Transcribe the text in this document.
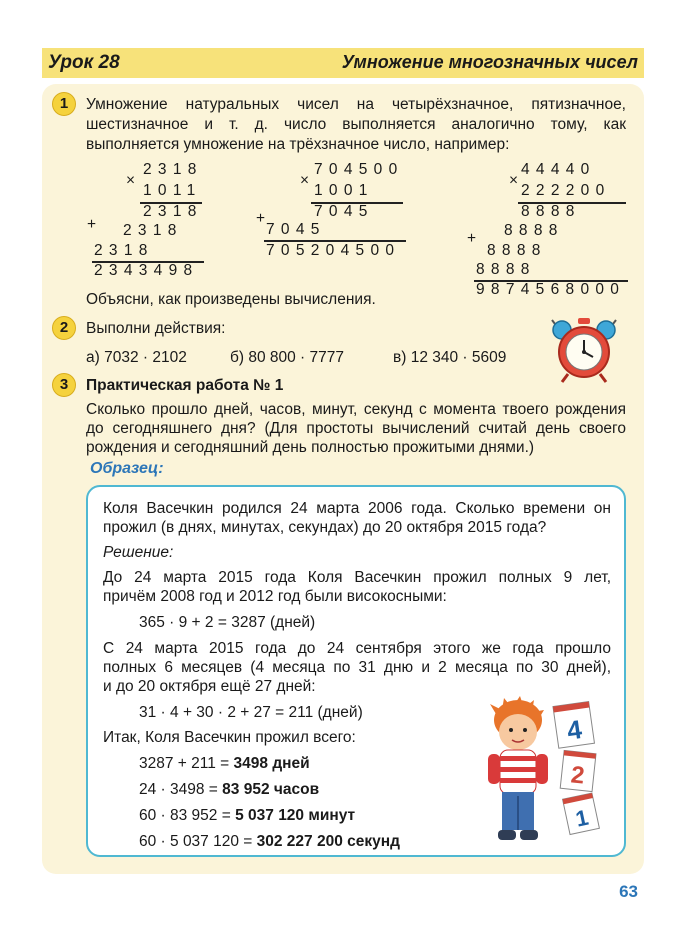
Урок 28	Умножение многозначных чисел
1	Умножение натуральных чисел на четырёхзначное, пятизначное,
шестизначное и т. д. число выполняется аналогично тому, как
выполняется умножение на трёхзначное число, например:
×
2318
1011
2318
+ 2318
2318
2343498
×
704500
1001
7045
+
7045
705204500
×
44440
222200
8888
+ 8888
8888
8888
9874568000
Объясни, как произведены вычисления.
2	Выполни действия:
а) 7032 · 2102	б) 80 800 · 7777	в) 12 340 · 5609
3	Практическая работа № 1
Сколько прошло дней, часов, минут, секунд с момента твоего рождения
до сегодняшнего дня? (Для простоты вычислений считай день своего
рождения и сегодняшний день полностью прожитыми днями.)
Образец:
Коля Васечкин родился 24 марта 2006 года. Сколько времени он
прожил (в днях, минутах, секундах) до 20 октября 2015 года?
Решение:
До 24 марта 2015 года Коля Васечкин прожил полных 9 лет,
причём 2008 год и 2012 год были високосными:
365 · 9 + 2 = 3287 (дней)
С 24 марта 2015 года до 24 сентября этого же года прошло
полных 6 месяцев (4 месяца по 31 дню и 2 месяца по 30 дней),
и до 20 октября ещё 27 дней:
31 · 4 + 30 · 2 + 27 = 211 (дней)
Итак, Коля Васечкин прожил всего:
3287 + 211 = 3498 дней
24 · 3498 = 83 952 часов
60 · 83 952 = 5 037 120 минут
60 · 5 037 120 = 302 227 200 секунд
4
2
1
63
